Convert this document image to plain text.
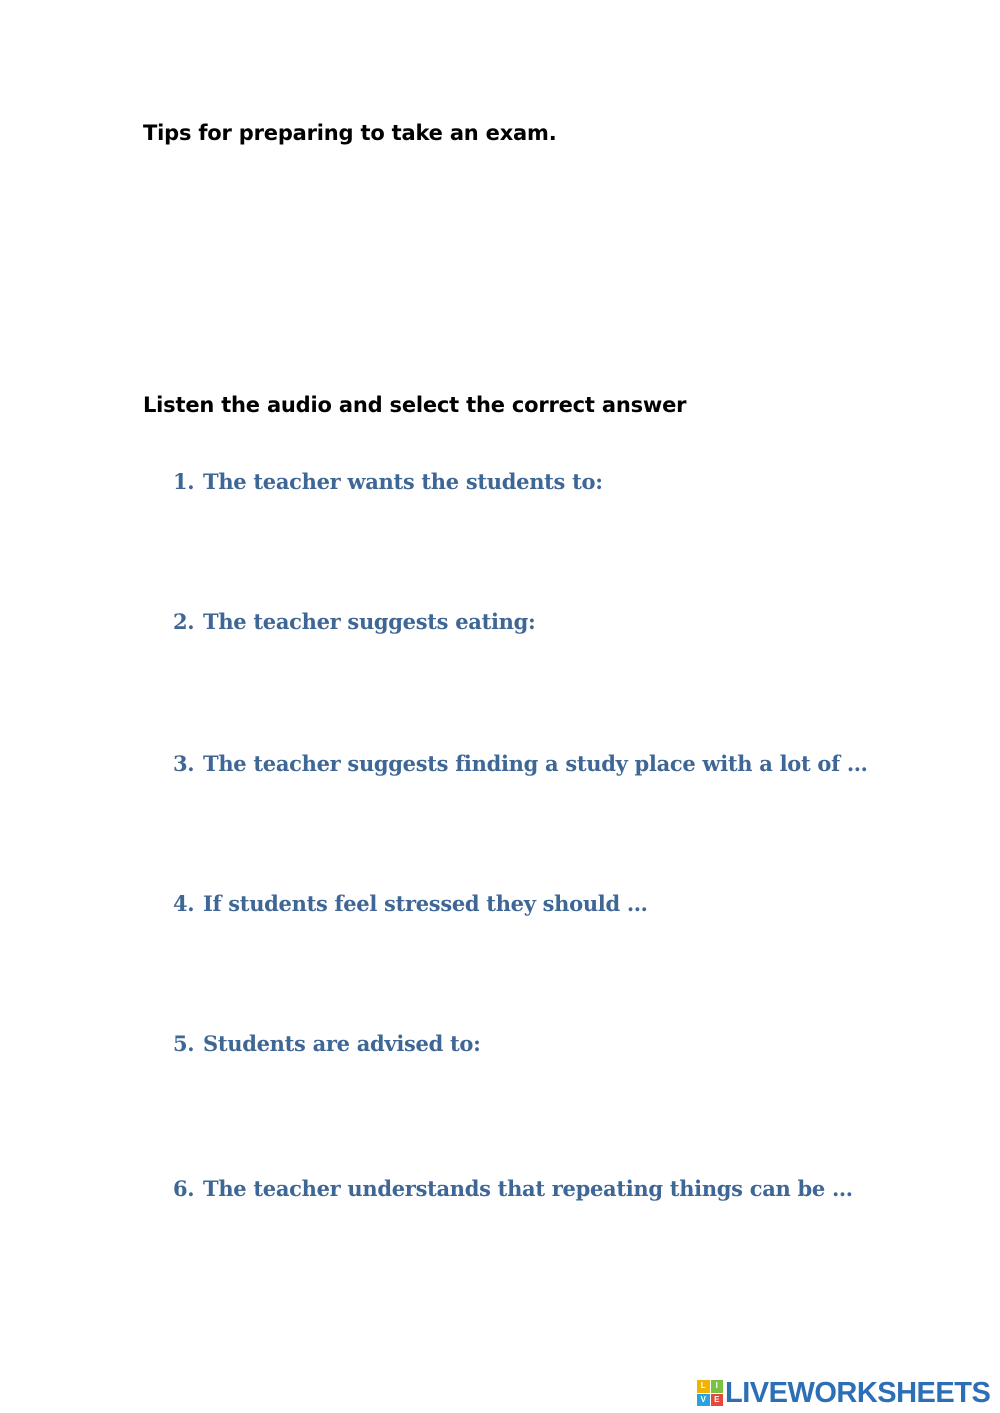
Tips for preparing to take an exam.
Listen the audio and select the correct answer
1. The teacher wants the students to:
2. The teacher suggests eating:
3. The teacher suggests finding a study place with a lot of …
4. If students feel stressed they should …
5. Students are advised to:
6. The teacher understands that repeating things can be …
L	I
V	E LIVEWORKSHEETS
